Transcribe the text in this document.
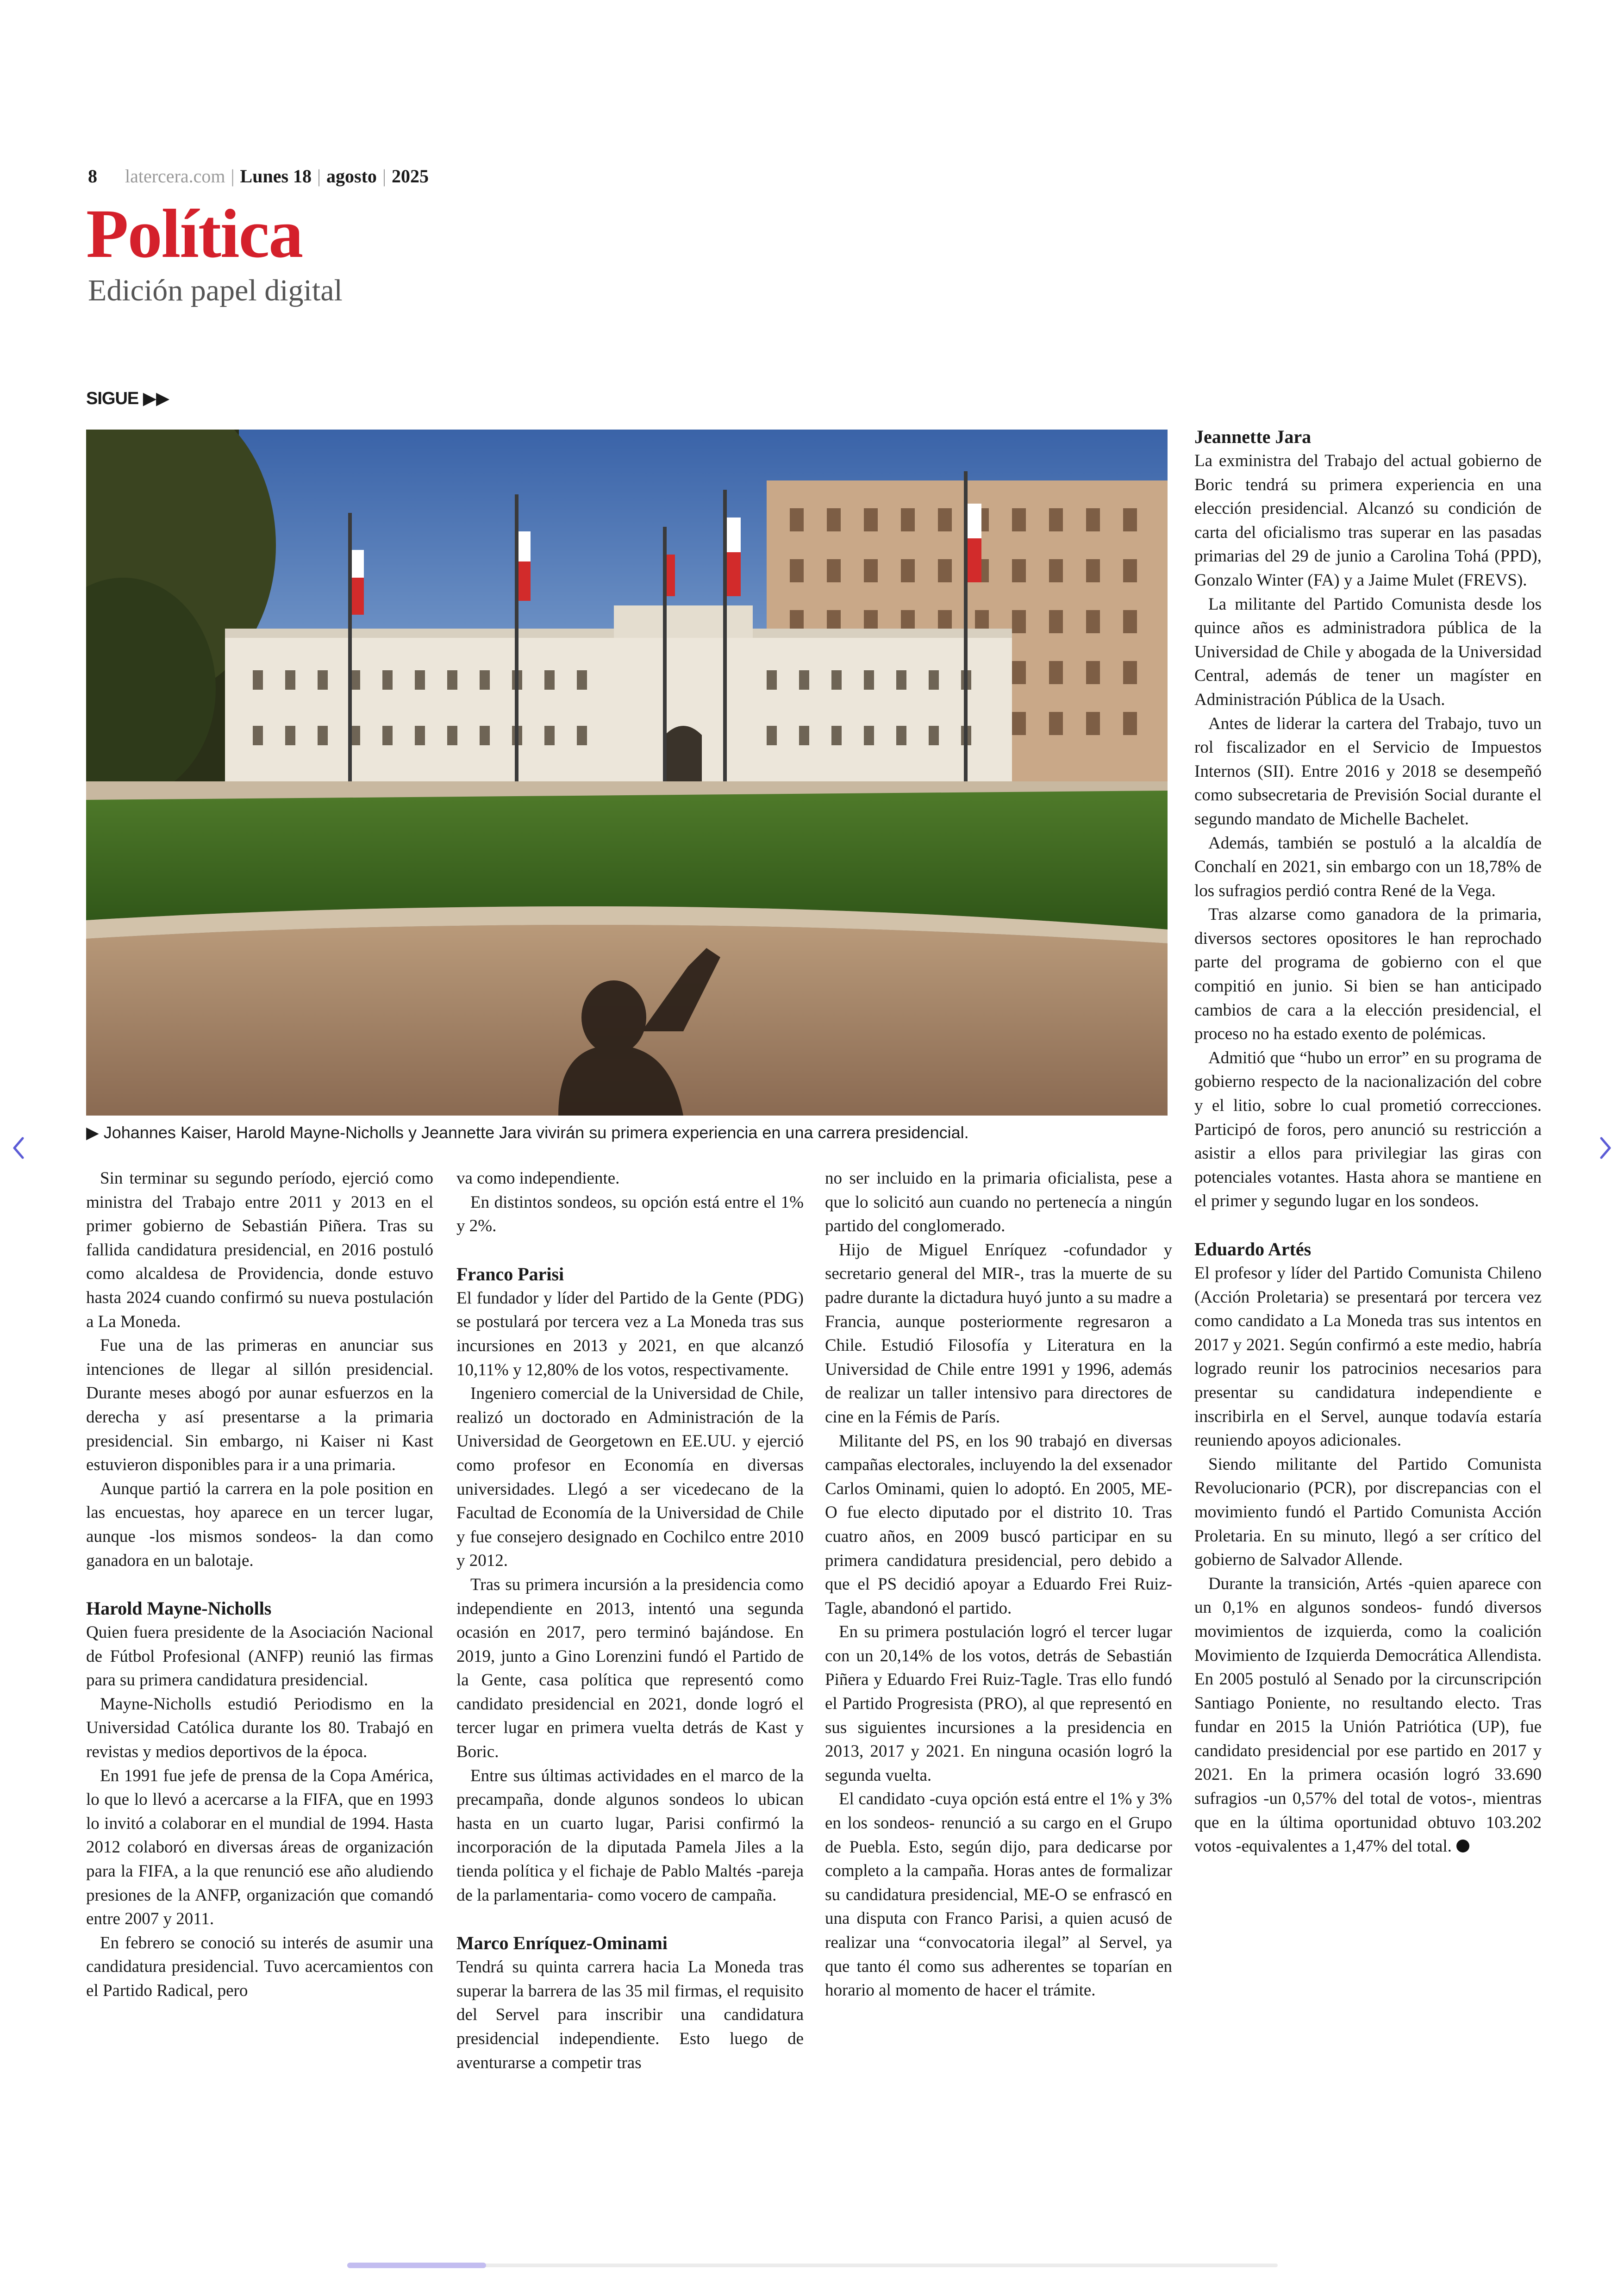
8 latercera.com | Lunes 18 | agosto | 2025
Política
Edición papel digital
SIGUE ▶▶
▶ Johannes Kaiser, Harold Mayne-Nicholls y Jeannette Jara vivirán su primera experiencia en una carrera presidencial.

Sin terminar su segundo período, ejerció como ministra del Trabajo entre 2011 y 2013 en el primer gobierno de Sebastián Piñera. Tras su fallida candidatura presidencial, en 2016 postuló como alcaldesa de Providencia, donde estuvo hasta 2024 cuando confirmó su nueva postulación a La Moneda.

Fue una de las primeras en anunciar sus intenciones de llegar al sillón presidencial. Durante meses abogó por aunar esfuerzos en la derecha y así presentarse a la primaria presidencial. Sin embargo, ni Kaiser ni Kast estuvieron disponibles para ir a una primaria.

Aunque partió la carrera en la pole position en las encuestas, hoy aparece en un tercer lugar, aunque -los mismos sondeos- la dan como ganadora en un balotaje.

Harold Mayne-Nicholls

Quien fuera presidente de la Asociación Nacional de Fútbol Profesional (ANFP) reunió las firmas para su primera candidatura presidencial.

Mayne-Nicholls estudió Periodismo en la Universidad Católica durante los 80. Trabajó en revistas y medios deportivos de la época.

En 1991 fue jefe de prensa de la Copa América, lo que lo llevó a acercarse a la FIFA, que en 1993 lo invitó a colaborar en el mundial de 1994. Hasta 2012 colaboró en diversas áreas de organización para la FIFA, a la que renunció ese año aludiendo presiones de la ANFP, organización que comandó entre 2007 y 2011.

En febrero se conoció su interés de asumir una candidatura presidencial. Tuvo acercamientos con el Partido Radical, pero

va como independiente.

En distintos sondeos, su opción está entre el 1% y 2%.

Franco Parisi

El fundador y líder del Partido de la Gente (PDG) se postulará por tercera vez a La Moneda tras sus incursiones en 2013 y 2021, en que alcanzó 10,11% y 12,80% de los votos, respectivamente.

Ingeniero comercial de la Universidad de Chile, realizó un doctorado en Administración de la Universidad de Georgetown en EE.UU. y ejerció como profesor en Economía en diversas universidades. Llegó a ser vicedecano de la Facultad de Economía de la Universidad de Chile y fue consejero designado en Cochilco entre 2010 y 2012.

Tras su primera incursión a la presidencia como independiente en 2013, intentó una segunda ocasión en 2017, pero terminó bajándose. En 2019, junto a Gino Lorenzini fundó el Partido de la Gente, casa política que representó como candidato presidencial en 2021, donde logró el tercer lugar en primera vuelta detrás de Kast y Boric.

Entre sus últimas actividades en el marco de la precampaña, donde algunos sondeos lo ubican hasta en un cuarto lugar, Parisi confirmó la incorporación de la diputada Pamela Jiles a la tienda política y el fichaje de Pablo Maltés -pareja de la parlamentaria- como vocero de campaña.

Marco Enríquez-Ominami

Tendrá su quinta carrera hacia La Moneda tras superar la barrera de las 35 mil firmas, el requisito del Servel para inscribir una candidatura presidencial independiente. Esto luego de aventurarse a competir tras

no ser incluido en la primaria oficialista, pese a que lo solicitó aun cuando no pertenecía a ningún partido del conglomerado.

Hijo de Miguel Enríquez -cofundador y secretario general del MIR-, tras la muerte de su padre durante la dictadura huyó junto a su madre a Francia, aunque posteriormente regresaron a Chile. Estudió Filosofía y Literatura en la Universidad de Chile entre 1991 y 1996, además de realizar un taller intensivo para directores de cine en la Fémis de París.

Militante del PS, en los 90 trabajó en diversas campañas electorales, incluyendo la del exsenador Carlos Ominami, quien lo adoptó. En 2005, ME-O fue electo diputado por el distrito 10. Tras cuatro años, en 2009 buscó participar en su primera candidatura presidencial, pero debido a que el PS decidió apoyar a Eduardo Frei Ruiz-Tagle, abandonó el partido.

En su primera postulación logró el tercer lugar con un 20,14% de los votos, detrás de Sebastián Piñera y Eduardo Frei Ruiz-Tagle. Tras ello fundó el Partido Progresista (PRO), al que representó en sus siguientes incursiones a la presidencia en 2013, 2017 y 2021. En ninguna ocasión logró la segunda vuelta.

El candidato -cuya opción está entre el 1% y 3% en los sondeos- renunció a su cargo en el Grupo de Puebla. Esto, según dijo, para dedicarse por completo a la campaña. Horas antes de formalizar su candidatura presidencial, ME-O se enfrascó en una disputa con Franco Parisi, a quien acusó de realizar una “convocatoria ilegal” al Servel, ya que tanto él como sus adherentes se toparían en horario al momento de hacer el trámite.

Jeannette Jara

La exministra del Trabajo del actual gobierno de Boric tendrá su primera experiencia en una elección presidencial. Alcanzó su condición de carta del oficialismo tras superar en las pasadas primarias del 29 de junio a Carolina Tohá (PPD), Gonzalo Winter (FA) y a Jaime Mulet (FREVS).

La militante del Partido Comunista desde los quince años es administradora pública de la Universidad de Chile y abogada de la Universidad Central, además de tener un magíster en Administración Pública de la Usach.

Antes de liderar la cartera del Trabajo, tuvo un rol fiscalizador en el Servicio de Impuestos Internos (SII). Entre 2016 y 2018 se desempeñó como subsecretaria de Previsión Social durante el segundo mandato de Michelle Bachelet.

Además, también se postuló a la alcaldía de Conchalí en 2021, sin embargo con un 18,78% de los sufragios perdió contra René de la Vega.

Tras alzarse como ganadora de la primaria, diversos sectores opositores le han reprochado parte del programa de gobierno con el que compitió en junio. Si bien se han anticipado cambios de cara a la elección presidencial, el proceso no ha estado exento de polémicas.

Admitió que “hubo un error” en su programa de gobierno respecto de la nacionalización del cobre y el litio, sobre lo cual prometió correcciones. Participó de foros, pero anunció su restricción a asistir a ellos para privilegiar las giras con potenciales votantes. Hasta ahora se mantiene en el primer y segundo lugar en los sondeos.

Eduardo Artés

El profesor y líder del Partido Comunista Chileno (Acción Proletaria) se presentará por tercera vez como candidato a La Moneda tras sus intentos en 2017 y 2021. Según confirmó a este medio, habría logrado reunir los patrocinios necesarios para presentar su candidatura independiente e inscribirla en el Servel, aunque todavía estaría reuniendo apoyos adicionales.

Siendo militante del Partido Comunista Revolucionario (PCR), por discrepancias con el movimiento fundó el Partido Comunista Acción Proletaria. En su minuto, llegó a ser crítico del gobierno de Salvador Allende.

Durante la transición, Artés -quien aparece con un 0,1% en algunos sondeos- fundó diversos movimientos de izquierda, como la coalición Movimiento de Izquierda Democrática Allendista. En 2005 postuló al Senado por la circunscripción Santiago Poniente, no resultando electo. Tras fundar en 2015 la Unión Patriótica (UP), fue candidato presidencial por ese partido en 2017 y 2021. En la primera ocasión logró 33.690 sufragios -un 0,57% del total de votos-, mientras que en la última oportunidad obtuvo 103.202 votos -equivalentes a 1,47% del total.
